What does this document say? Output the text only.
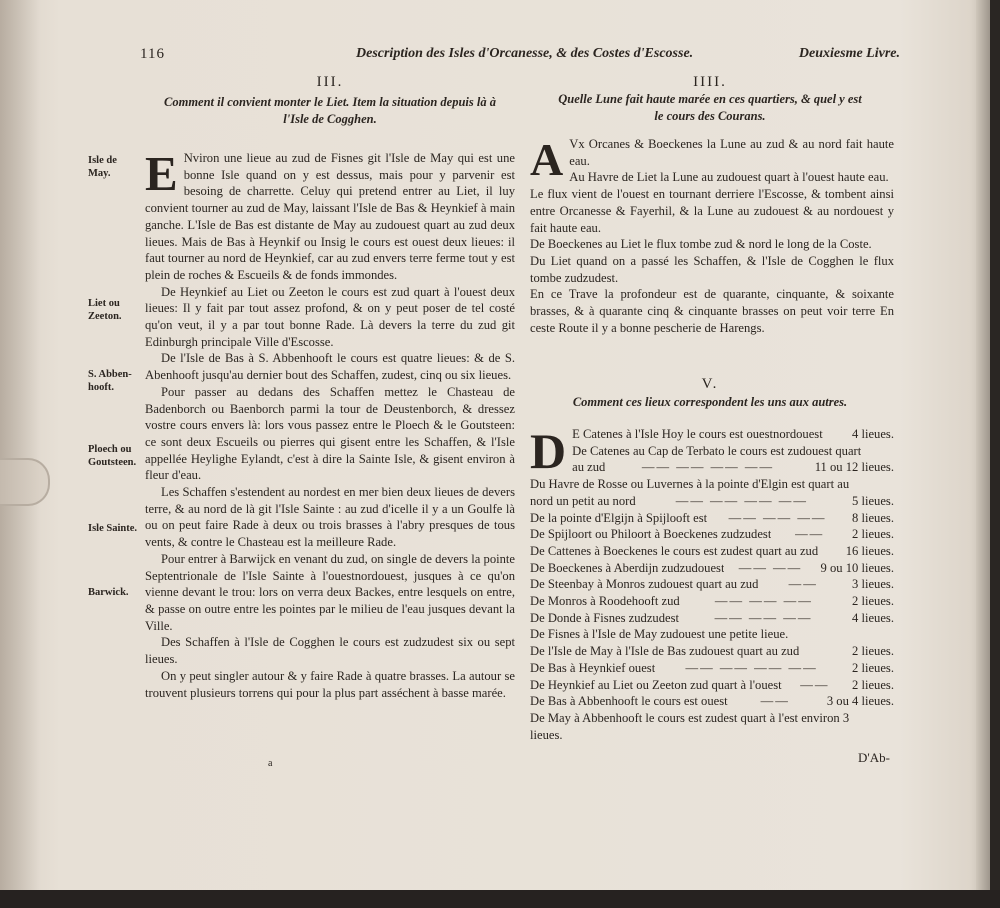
116	Description des Isles d'Orcanesse, & des Costes d'Escosse.	Deuxiesme Livre.
III.
Comment il convient monter le Liet. Item la situation depuis là à l'Isle de Cogghen.
Isle de May.
Liet ou Zeeton.
S. Abben-hooft.
Ploech ou Goutsteen.
Isle Sainte.
Barwick.

E Nviron une lieue au zud de Fisnes git l'Isle de May qui est une bonne Isle quand on y est dessus, mais pour y parvenir est besoing de charrette. Celuy qui pretend entrer au Liet, il luy convient tourner au zud de May, laissant l'Isle de Bas & Heynkief à main ganche. L'Isle de Bas est distante de May au zudouest quart au zud deux lieues. Mais de Bas à Heynkif ou Insig le cours est ouest deux lieues: il faut tourner au nord de Heynkief, car au zud envers terre ferme tout y est plein de roches & Escueils & de fonds immondes.

De Heynkief au Liet ou Zeeton le cours est zud quart à l'ouest deux lieues: Il y fait par tout assez profond, & on y peut poser de tel costé qu'on veut, il y a par tout bonne Rade. Là devers la terre du zud git Edinburgh principale Ville d'Escosse.

De l'Isle de Bas à S. Abbenhooft le cours est quatre lieues: & de S. Abenhooft jusqu'au dernier bout des Schaffen, zudest, cinq ou six lieues.

Pour passer au dedans des Schaffen mettez le Chasteau de Badenborch ou Baenborch parmi la tour de Deustenborch, & dressez vostre cours envers là: lors vous passez entre le Ploech & le Goutsteen: ce sont deux Escueils ou pierres qui gisent entre les Schaffen, & l'Isle appellée Heylighe Eylandt, c'est à dire la Sainte Isle, & gisent environ à fleur d'eau.

Les Schaffen s'estendent au nordest en mer bien deux lieues de devers terre, & au nord de là git l'Isle Sainte : au zud d'icelle il y a un Goulfe là ou on peut faire Rade à deux ou trois brasses à l'abry presques de tous vents, & contre le Chasteau est la meilleure Rade.

Pour entrer à Barwijck en venant du zud, on single de devers la pointe Septentrionale de l'Isle Sainte à l'ouestnordouest, jusques à ce qu'on vienne devant le trou: lors on verra deux Backes, entre lesquels on entre, & passe on outre entre les pointes par le milieu de l'eau jusques devant la Ville.

Des Schaffen à l'Isle de Cogghen le cours est zudzudest six ou sept lieues.

On y peut singler autour & y faire Rade à quatre brasses. La autour se trouvent plusieurs torrens qui pour la plus part asséchent à basse marée.

a
IIII.
Quelle Lune fait haute marée en ces quartiers, & quel y est le cours des Courans.

A Vx Orcanes & Boeckenes la Lune au zud & au nord fait haute eau.

Au Havre de Liet la Lune au zudouest quart à l'ouest haute eau.

Le flux vient de l'ouest en tournant derriere l'Escosse, & tombent ainsi entre Orcanesse & Fayerhil, & la Lune au zudouest & au nordouest y fait haute eau.

De Boeckenes au Liet le flux tombe zud & nord le long de la Coste.

Du Liet quand on a passé les Schaffen, & l'Isle de Cogghen le flux tombe zudzudest.

En ce Trave la profondeur est de quarante, cinquante, & soixante brasses, & à quarante cinq & cinquante brasses on peut voir terre En ceste Route il y a bonne pescherie de Harengs.

V.
Comment ces lieux correspondent les uns aux autres.
D E Catenes à l'Isle Hoy le cours est ouestnordouest	4 lieues.
De Catenes au Cap de Terbato le cours est zudouest quart
au zud	—— —— —— ——	11 ou 12 lieues.
Du Havre de Rosse ou Luvernes à la pointe d'Elgin est quart au
nord un petit au nord	—— —— —— ——	5 lieues.
De la pointe d'Elgijn à Spijlooft est	—— —— ——	8 lieues.
De Spijloort ou Philoort à Boeckenes zudzudest	——	2 lieues.
De Cattenes à Boeckenes le cours est zudest quart au zud	16 lieues.
De Boeckenes à Aberdijn zudzudouest	—— ——	9 ou 10 lieues.
De Steenbay à Monros zudouest quart au zud	——	3 lieues.
De Monros à Roodehooft zud	—— —— ——	2 lieues.
De Donde à Fisnes zudzudest	—— —— ——	4 lieues.
De Fisnes à l'Isle de May zudouest une petite lieue.
De l'Isle de May à l'Isle de Bas zudouest quart au zud	2 lieues.
De Bas à Heynkief ouest	—— —— —— ——	2 lieues.
De Heynkief au Liet ou Zeeton zud quart à l'ouest	——	2 lieues.
De Bas à Abbenhooft le cours est ouest	——	3 ou 4 lieues.
De May à Abbenhooft le cours est zudest quart à l'est environ 3
lieues.
D'Ab-
